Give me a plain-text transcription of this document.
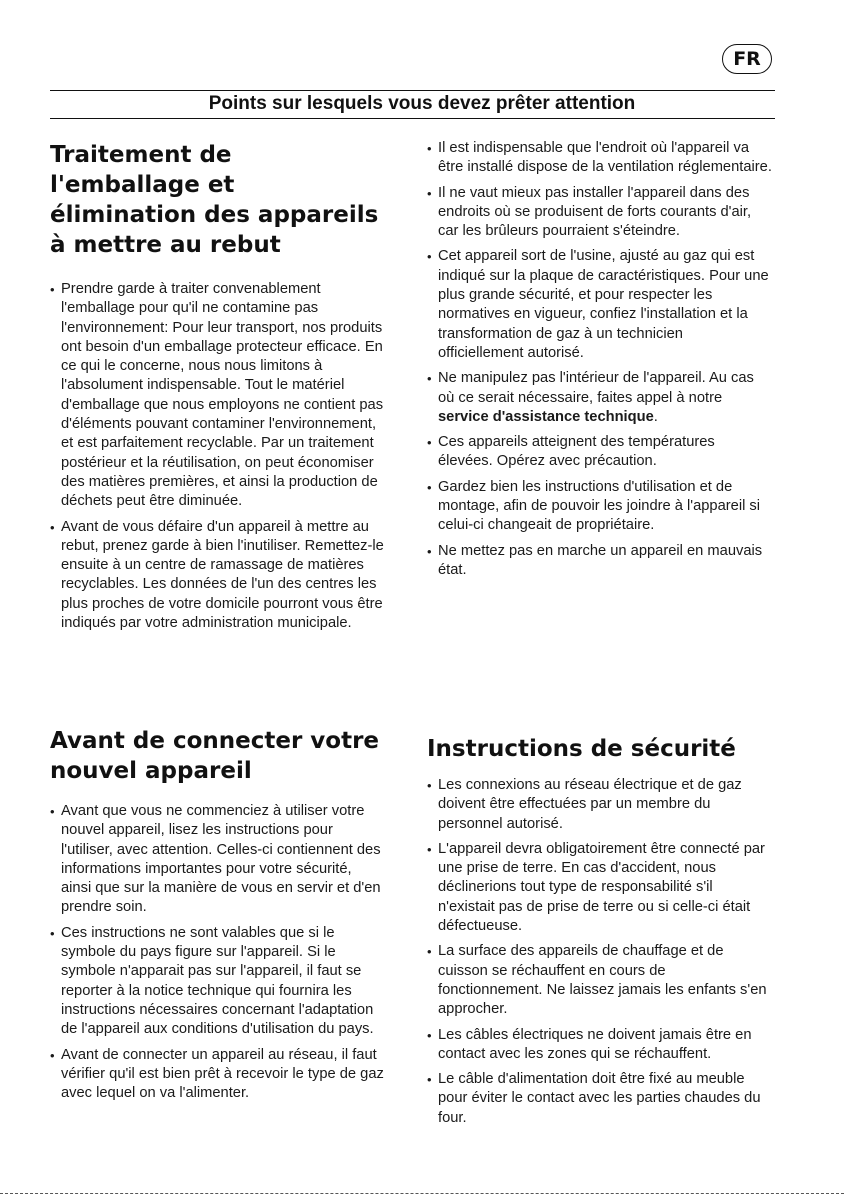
FR
Points sur lesquels vous devez prêter attention
Traitement de l'emballage et élimination des appareils à mettre au rebut
• Prendre garde à traiter convenablement l'emballage pour qu'il ne contamine pas l'environnement: Pour leur transport, nos produits ont besoin d'un emballage protecteur efficace. En ce qui le concerne, nous nous limitons à l'absolument indispensable. Tout le matériel d'emballage que nous employons ne contient pas d'éléments pouvant contaminer l'environnement, et est parfaitement recyclable. Par un traitement postérieur et la réutilisation, on peut économiser des matières premières, et ainsi la production de déchets peut être diminuée.
• Avant de vous défaire d'un appareil à mettre au rebut, prenez garde à bien l'inutiliser. Remettez-le ensuite à un centre de ramassage de matières recyclables. Les données de l'un des centres les plus proches de votre domicile pourront vous être indiqués par votre administration municipale.
Avant de connecter votre nouvel appareil
• Avant que vous ne commenciez à utiliser votre nouvel appareil, lisez les instructions pour l'utiliser, avec attention. Celles-ci contiennent des informations importantes pour votre sécurité, ainsi que sur la manière de vous en servir et d'en prendre soin.
• Ces instructions ne sont valables que si le symbole du pays figure sur l'appareil. Si le symbole n'apparait pas sur l'appareil, il faut se reporter à la notice technique qui fournira les instructions nécessaires concernant l'adaptation de l'appareil aux conditions d'utilisation du pays.
• Avant de connecter un appareil au réseau, il faut vérifier qu'il est bien prêt à recevoir le type de gaz avec lequel on va l'alimenter.
• Il est indispensable que l'endroit où l'appareil va être installé dispose de la ventilation réglementaire.
• Il ne vaut mieux pas installer l'appareil dans des endroits où se produisent de forts courants d'air, car les brûleurs pourraient s'éteindre.
• Cet appareil sort de l'usine, ajusté au gaz qui est indiqué sur la plaque de caractéristiques. Pour une plus grande sécurité, et pour respecter les normatives en vigueur, confiez l'installation et la transformation de gaz à un technicien officiellement autorisé.
• Ne manipulez pas l'intérieur de l'appareil. Au cas où ce serait nécessaire, faites appel à notre service d'assistance technique.
• Ces appareils atteignent des températures élevées. Opérez avec précaution.
• Gardez bien les instructions d'utilisation et de montage, afin de pouvoir les joindre à l'appareil si celui-ci changeait de propriétaire.
• Ne mettez pas en marche un appareil en mauvais état.
Instructions de sécurité
• Les connexions au réseau électrique et de gaz doivent être effectuées par un membre du personnel autorisé.
• L'appareil devra obligatoirement être connecté par une prise de terre. En cas d'accident, nous déclinerions tout type de responsabilité s'il n'existait pas de prise de terre ou si celle-ci était défectueuse.
• La surface des appareils de chauffage et de cuisson se réchauffent en cours de fonctionnement. Ne laissez jamais les enfants s'en approcher.
• Les câbles électriques ne doivent jamais être en contact avec les zones qui se réchauffent.
• Le câble d'alimentation doit être fixé au meuble pour éviter le contact avec les parties chaudes du four.
